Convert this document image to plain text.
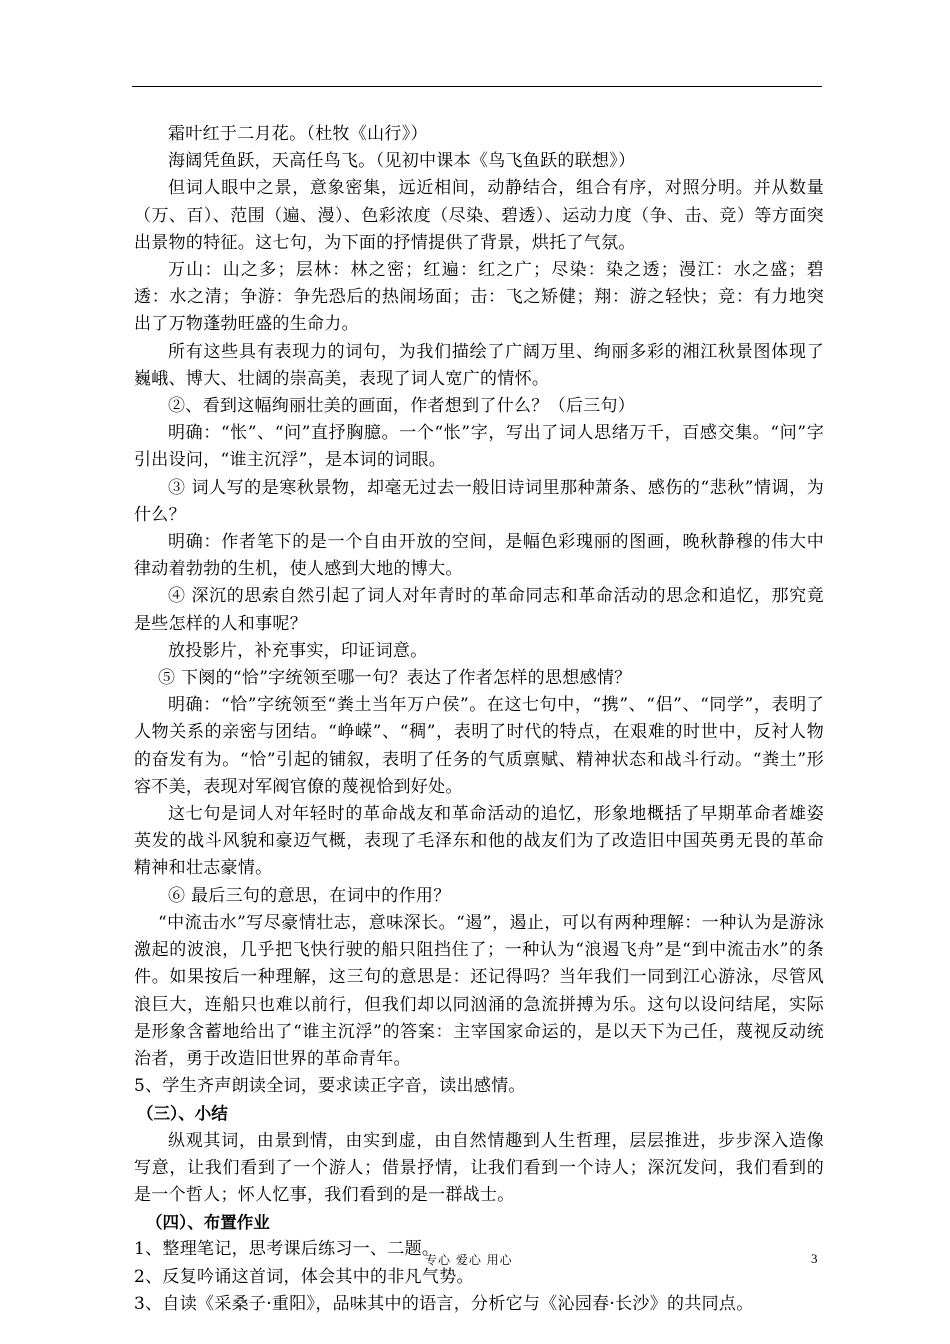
霜叶红于二月花。（杜牧《山行》）

海阔凭鱼跃，天高任鸟飞。（见初中课本《鸟飞鱼跃的联想》）

但词人眼中之景，意象密集，远近相间，动静结合，组合有序，对照分明。并从数量（万、百）、范围（遍、漫）、色彩浓度（尽染、碧透）、运动力度（争、击、竞）等方面突出景物的特征。这七句，为下面的抒情提供了背景，烘托了气氛。

万山：山之多；层林：林之密；红遍：红之广；尽染：染之透；漫江：水之盛；碧透：水之清；争游：争先恐后的热闹场面；击：飞之矫健；翔：游之轻快；竞：有力地突出了万物蓬勃旺盛的生命力。

所有这些具有表现力的词句，为我们描绘了广阔万里、绚丽多彩的湘江秋景图体现了巍峨、博大、壮阔的崇高美，表现了词人宽广的情怀。

②、看到这幅绚丽壮美的画面，作者想到了什么？（后三句）

明确：“怅”、“问”直抒胸臆。一个“怅”字，写出了词人思绪万千，百感交集。“问”字引出设问，“谁主沉浮”，是本词的词眼。

③ 词人写的是寒秋景物，却毫无过去一般旧诗词里那种萧条、感伤的“悲秋”情调，为什么？

明确：作者笔下的是一个自由开放的空间，是幅色彩瑰丽的图画，晚秋静穆的伟大中律动着勃勃的生机，使人感到大地的博大。

④ 深沉的思索自然引起了词人对年青时的革命同志和革命活动的思念和追忆，那究竟是些怎样的人和事呢？

放投影片，补充事实，印证词意。

⑤ 下阕的“恰”字统领至哪一句？表达了作者怎样的思想感情？

明确：“恰”字统领至“粪土当年万户侯”。在这七句中，“携”、“侣”、“同学”，表明了人物关系的亲密与团结。“峥嵘”、“稠”，表明了时代的特点，在艰难的时世中，反衬人物的奋发有为。“恰”引起的铺叙，表明了任务的气质禀赋、精神状态和战斗行动。“粪土”形容不美，表现对军阀官僚的蔑视恰到好处。

这七句是词人对年轻时的革命战友和革命活动的追忆，形象地概括了早期革命者雄姿英发的战斗风貌和豪迈气概，表现了毛泽东和他的战友们为了改造旧中国英勇无畏的革命精神和壮志豪情。

⑥ 最后三句的意思，在词中的作用？

“中流击水”写尽豪情壮志，意味深长。“遏”，遏止，可以有两种理解：一种认为是游泳激起的波浪，几乎把飞快行驶的船只阻挡住了；一种认为“浪遏飞舟”是“到中流击水”的条件。如果按后一种理解，这三句的意思是：还记得吗？当年我们一同到江心游泳，尽管风浪巨大，连船只也难以前行，但我们却以同汹涌的急流拼搏为乐。这句以设问结尾，实际是形象含蓄地给出了“谁主沉浮”的答案：主宰国家命运的，是以天下为己任，蔑视反动统治者，勇于改造旧世界的革命青年。

5、学生齐声朗读全词，要求读正字音，读出感情。

（三）、小结

纵观其词，由景到情，由实到虚，由自然情趣到人生哲理，层层推进，步步深入造像写意，让我们看到了一个游人；借景抒情，让我们看到一个诗人；深沉发问，我们看到的是一个哲人；怀人忆事，我们看到的是一群战士。

（四）、布置作业

1、整理笔记，思考课后练习一、二题。

2、反复吟诵这首词，体会其中的非凡气势。

3、自读《采桑子·重阳》，品味其中的语言，分析它与《沁园春·长沙》的共同点。

专心 爱心 用心	3
